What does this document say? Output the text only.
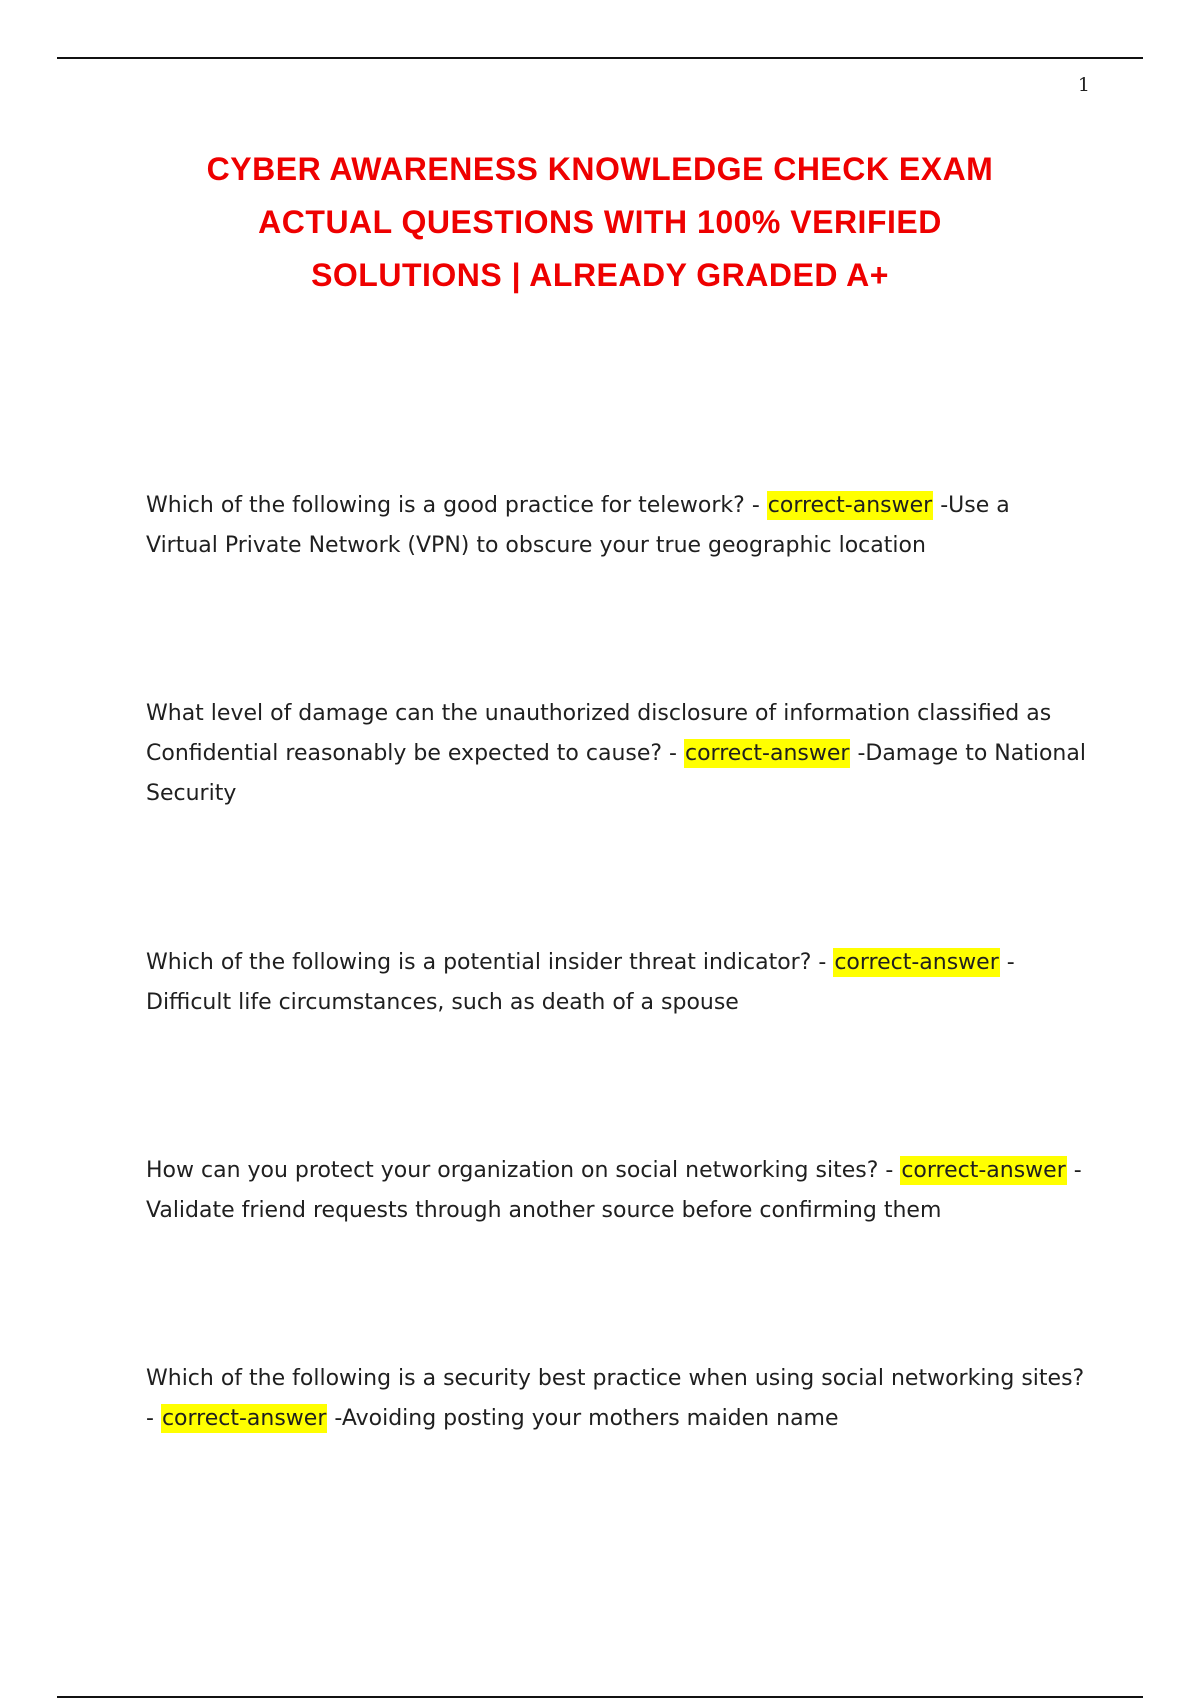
1
CYBER AWARENESS KNOWLEDGE CHECK EXAM
ACTUAL QUESTIONS WITH 100% VERIFIED
SOLUTIONS | ALREADY GRADED A+

Which of the following is a good practice for telework? - correct-answer -Use a Virtual Private Network (VPN) to obscure your true geographic location

What level of damage can the unauthorized disclosure of information classified as Confidential reasonably be expected to cause? - correct-answer -Damage to National Security

Which of the following is a potential insider threat indicator? - correct-answer -Difficult life circumstances, such as death of a spouse

How can you protect your organization on social networking sites? - correct-answer -Validate friend requests through another source before confirming them

Which of the following is a security best practice when using social networking sites? - correct-answer -Avoiding posting your mothers maiden name
